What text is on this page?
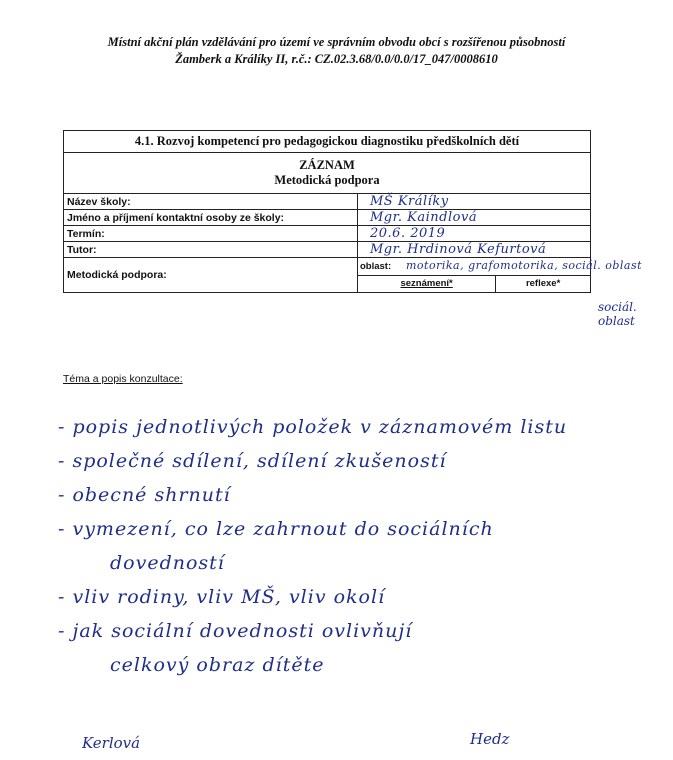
Místní akční plán vzdělávání pro území ve správním obvodu obcí s rozšířenou působností
Žamberk a Králíky II, r.č.: CZ.02.3.68/0.0/0.0/17_047/0008610
4.1. Rozvoj kompetencí pro pedagogickou diagnostiku předškolních dětí

ZÁZNAM
Metodická podpora

Název školy:	MŠ Králíky

Jméno a příjmení kontaktní osoby ze školy:	Mgr. Kaindlová

Termín:	20.6. 2019

Tutor:	Mgr. Hrdinová Kefurtová

Metodická podpora:	
oblast: motorika, grafomotorika, sociál. oblast

seznámení*	reflexe*
sociál. oblast
Téma a popis konzultace:
- popis jednotlivých položek v záznamovém listu
- společné sdílení, sdílení zkušeností
- obecné shrnutí
- vymezení, co lze zahrnout do sociálních
dovedností
- vliv rodiny, vliv MŠ, vliv okolí
- jak sociální dovednosti ovlivňují
celkový obraz dítěte
Kerlová	Hedz
